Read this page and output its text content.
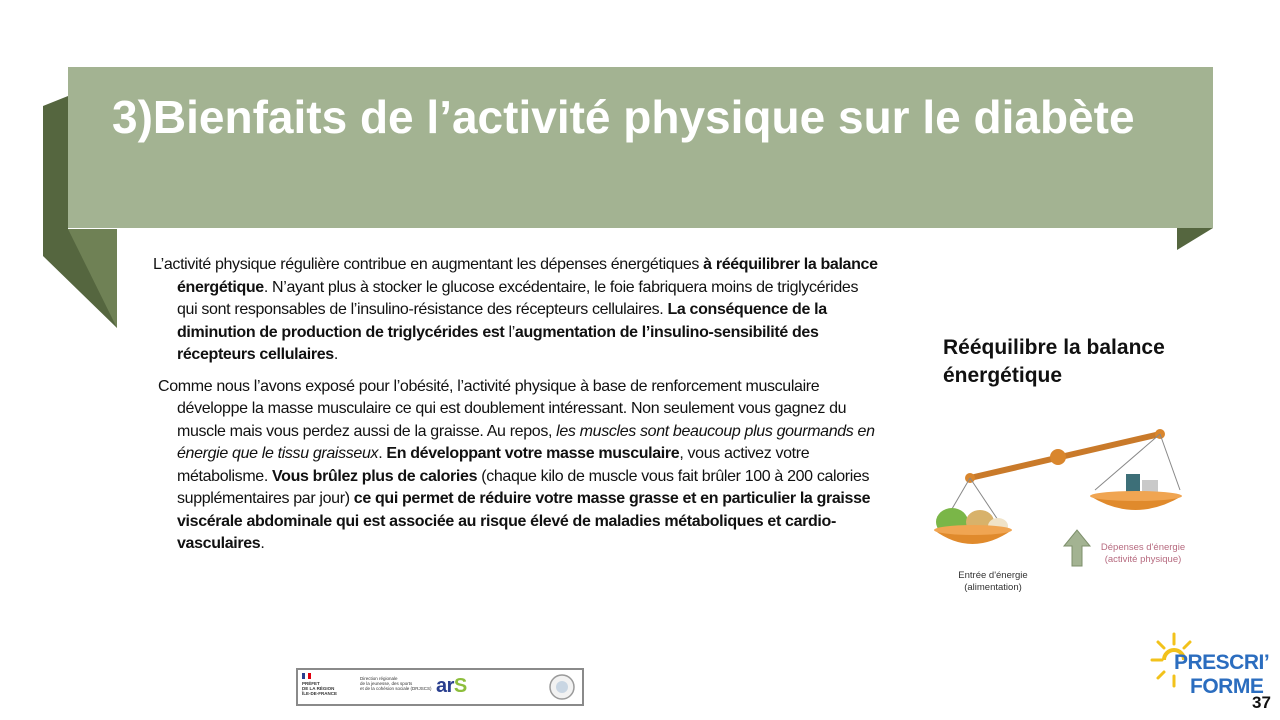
3)Bienfaits de l’activité physique sur le diabète

L’activité physique régulière contribue en augmentant les dépenses énergétiques à rééquilibrer la balance énergétique. N’ayant plus à stocker le glucose excédentaire, le foie fabriquera moins de triglycérides qui sont responsables de l’insulino-résistance des récepteurs cellulaires. La conséquence de la diminution de production de triglycérides est l’augmentation de l’insulino-sensibilité des récepteurs cellulaires.

Comme nous l’avons exposé pour l’obésité, l’activité physique à base de renforcement musculaire développe la masse musculaire ce qui est doublement intéressant. Non seulement vous gagnez du muscle mais vous perdez aussi de la graisse. Au repos, les muscles sont beaucoup plus gourmands en énergie que le tissu graisseux. En développant votre masse musculaire, vous activez votre métabolisme. Vous brûlez plus de calories (chaque kilo de muscle vous fait brûler 100 à 200 calories supplémentaires par jour) ce qui permet de réduire votre masse grasse et en particulier la graisse viscérale abdominale qui est associée au risque élevé de maladies métaboliques et cardio-vasculaires.

Rééquilibre la balance énergétique
Entrée d'énergie
(alimentation)
Dépenses d'énergie
(activité physique)
PRÉFET
DE LA RÉGION
ÎLE-DE-FRANCE
Direction régionale
de la jeunesse, des sports
et de la cohésion sociale (DRJSCS) arS
PRESCRI’
FORME
37
